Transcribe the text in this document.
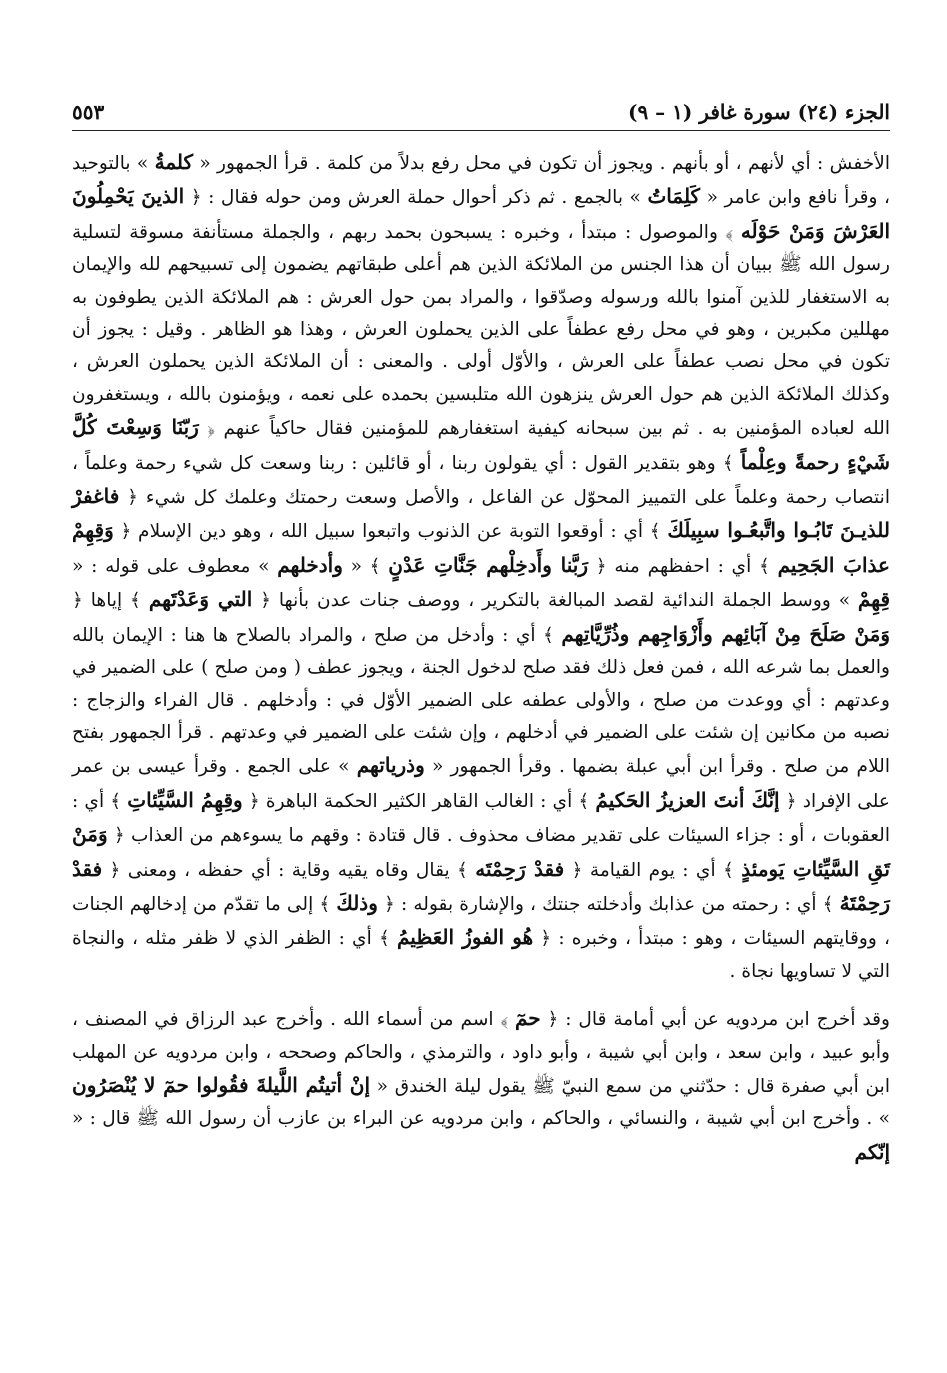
الجزء (٢٤) سورة غافر (١ – ٩)
٥٥٣

الأخفش : أي لأنهم ، أو بأنهم . ويجوز أن تكون في محل رفع بدلاً من كلمة . قرأ الجمهور « كلمةُ » بالتوحيد ، وقرأ نافع وابن عامر « كَلِمَاتُ » بالجمع . ثم ذكر أحوال حملة العرش ومن حوله فقال : ﴿ الذينَ يَحْمِلُونَ العَرْشَ وَمَنْ حَوْلَه ﴾ والموصول : مبتدأ ، وخبره : يسبحون بحمد ربهم ، والجملة مستأنفة مسوقة لتسلية رسول الله ﷺ ببيان أن هذا الجنس من الملائكة الذين هم أعلى طبقاتهم يضمون إلى تسبيحهم لله والإيمان به الاستغفار للذين آمنوا بالله ورسوله وصدّقوا ، والمراد بمن حول العرش : هم الملائكة الذين يطوفون به مهللين مكبرين ، وهو في محل رفع عطفاً على الذين يحملون العرش ، وهذا هو الظاهر . وقيل : يجوز أن تكون في محل نصب عطفاً على العرش ، والأوّل أولى . والمعنى : أن الملائكة الذين يحملون العرش ، وكذلك الملائكة الذين هم حول العرش ينزهون الله متلبسين بحمده على نعمه ، ويؤمنون بالله ، ويستغفرون الله لعباده المؤمنين به . ثم بين سبحانه كيفية استغفارهم للمؤمنين فقال حاكياً عنهم ﴿ رَبّنَا وَسِعْتَ كُلَّ شَيْءٍ رحمةً وعِلْماً ﴾ وهو بتقدير القول : أي يقولون ربنا ، أو قائلين : ربنا وسعت كل شيء رحمة وعلماً ، انتصاب رحمة وعلماً على التمييز المحوّل عن الفاعل ، والأصل وسعت رحمتك وعلمك كل شيء ﴿ فاغفرْ للذيـنَ تَابُـوا واتَّبعُـوا سبِيلَكَ ﴾ أي : أوقعوا التوبة عن الذنوب واتبعوا سبيل الله ، وهو دين الإسلام ﴿ وَقِهِمْ عذابَ الجَحِيم ﴾ أي : احفظهم منه ﴿ رَبَّنا وأَدخِلْهم جَنَّاتِ عَدْنٍ ﴾ « وأدخلهم » معطوف على قوله : « قِهِمْ » ووسط الجملة الندائية لقصد المبالغة بالتكرير ، ووصف جنات عدن بأنها ﴿ التي وَعَدْتَهم ﴾ إياها ﴿ وَمَنْ صَلَحَ مِنْ آبَائِهم وأَزْوَاجِهم وذُرِّيَّاتِهم ﴾ أي : وأدخل من صلح ، والمراد بالصلاح ها هنا : الإيمان بالله والعمل بما شرعه الله ، فمن فعل ذلك فقد صلح لدخول الجنة ، ويجوز عطف ( ومن صلح ) على الضمير في وعدتهم : أي ووعدت من صلح ، والأولى عطفه على الضمير الأوّل في : وأدخلهم . قال الفراء والزجاج : نصبه من مكانين إن شئت على الضمير في أدخلهم ، وإن شئت على الضمير في وعدتهم . قرأ الجمهور بفتح اللام من صلح . وقرأ ابن أبي عبلة بضمها . وقرأ الجمهور « وذرياتهم » على الجمع . وقرأ عيسى بن عمر على الإفراد ﴿ إنَّكَ أنتَ العزيزُ الحَكيمُ ﴾ أي : الغالب القاهر الكثير الحكمة الباهرة ﴿ وقِهِمُ السَّيِّئاتِ ﴾ أي : العقوبات ، أو : جزاء السيئات على تقدير مضاف محذوف . قال قتادة : وقهم ما يسوءهم من العذاب ﴿ وَمَنْ تَقِ السَّيِّئاتِ يَومئذٍ ﴾ أي : يوم القيامة ﴿ فقدْ رَحِمْتَه ﴾ يقال وقاه يقيه وقاية : أي حفظه ، ومعنى ﴿ فقدْ رَحِمْتَهُ ﴾ أي : رحمته من عذابك وأدخلته جنتك ، والإشارة بقوله : ﴿ وذلكَ ﴾ إلى ما تقدّم من إدخالهم الجنات ، ووقايتهم السيئات ، وهو : مبتدأ ، وخبره : ﴿ هُو الفوزُ العَظِيمُ ﴾ أي : الظفر الذي لا ظفر مثله ، والنجاة التي لا تساويها نجاة .

وقد أخرج ابن مردويه عن أبي أمامة قال : ﴿ حمٓ ﴾ اسم من أسماء الله . وأخرج عبد الرزاق في المصنف ، وأبو عبيد ، وابن سعد ، وابن أبي شيبة ، وأبو داود ، والترمذي ، والحاكم وصححه ، وابن مردويه عن المهلب ابن أبي صفرة قال : حدّثني من سمع النبيّ ﷺ يقول ليلة الخندق « إنْ أتيتُم اللَّيلةَ فقُولوا حمٓ لا يُنْصَرُون » . وأخرج ابن أبي شيبة ، والنسائي ، والحاكم ، وابن مردويه عن البراء بن عازب أن رسول الله ﷺ قال : « إنّكم
